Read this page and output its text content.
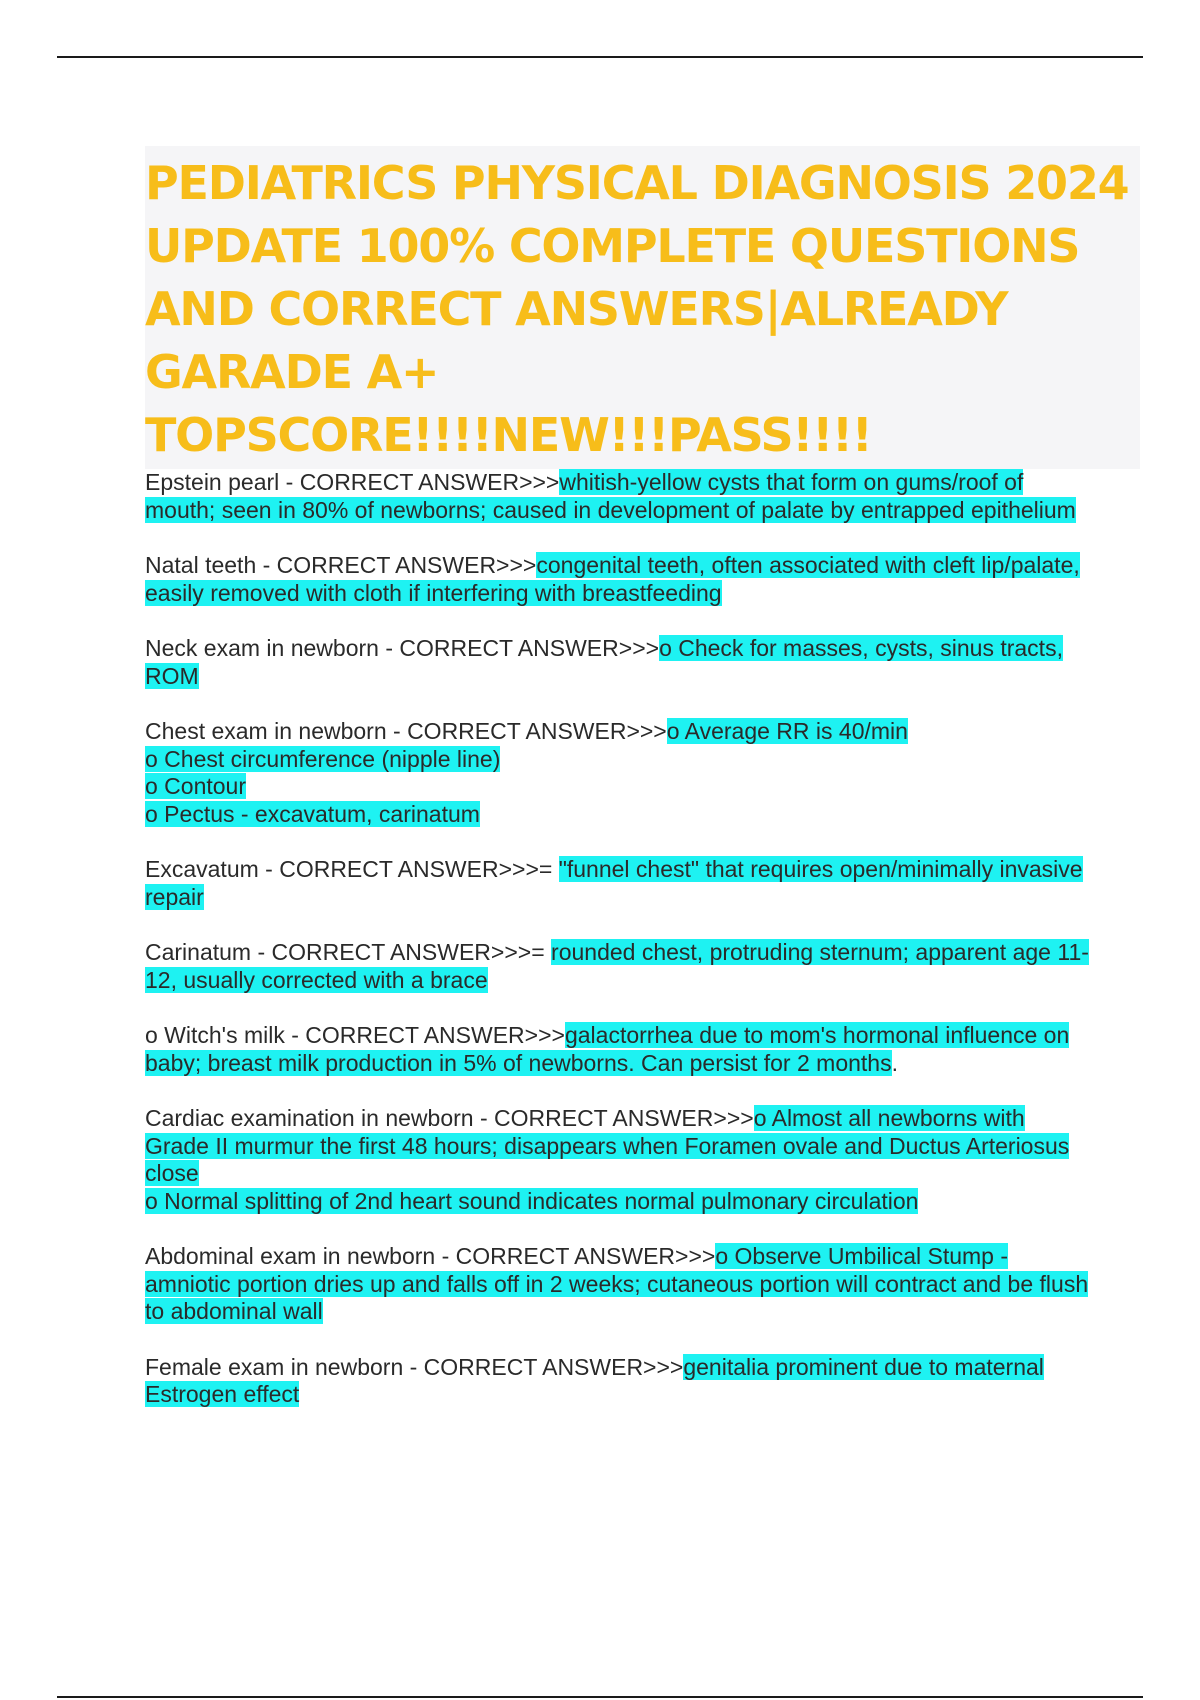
PEDIATRICS PHYSICAL DIAGNOSIS 2024 UPDATE 100% COMPLETE QUESTIONS AND CORRECT ANSWERS|ALREADY GARADE A+ TOPSCORE!!!!NEW!!!PASS!!!!

Epstein pearl - CORRECT ANSWER>>>whitish-yellow cysts that form on gums/roof of mouth; seen in 80% of newborns; caused in development of palate by entrapped epithelium

Natal teeth - CORRECT ANSWER>>>congenital teeth, often associated with cleft lip/palate, easily removed with cloth if interfering with breastfeeding

Neck exam in newborn - CORRECT ANSWER>>>o Check for masses, cysts, sinus tracts, ROM

Chest exam in newborn - CORRECT ANSWER>>>o Average RR is 40/min
o Chest circumference (nipple line)
o Contour
o Pectus - excavatum, carinatum

Excavatum - CORRECT ANSWER>>>= "funnel chest" that requires open/minimally invasive repair

Carinatum - CORRECT ANSWER>>>= rounded chest, protruding sternum; apparent age 11-12, usually corrected with a brace

o Witch's milk - CORRECT ANSWER>>>galactorrhea due to mom's hormonal influence on baby; breast milk production in 5% of newborns. Can persist for 2 months.

Cardiac examination in newborn - CORRECT ANSWER>>>o Almost all newborns with Grade II murmur the first 48 hours; disappears when Foramen ovale and Ductus Arteriosus close
o Normal splitting of 2nd heart sound indicates normal pulmonary circulation

Abdominal exam in newborn - CORRECT ANSWER>>>o Observe Umbilical Stump - amniotic portion dries up and falls off in 2 weeks; cutaneous portion will contract and be flush to abdominal wall

Female exam in newborn - CORRECT ANSWER>>>genitalia prominent due to maternal Estrogen effect
